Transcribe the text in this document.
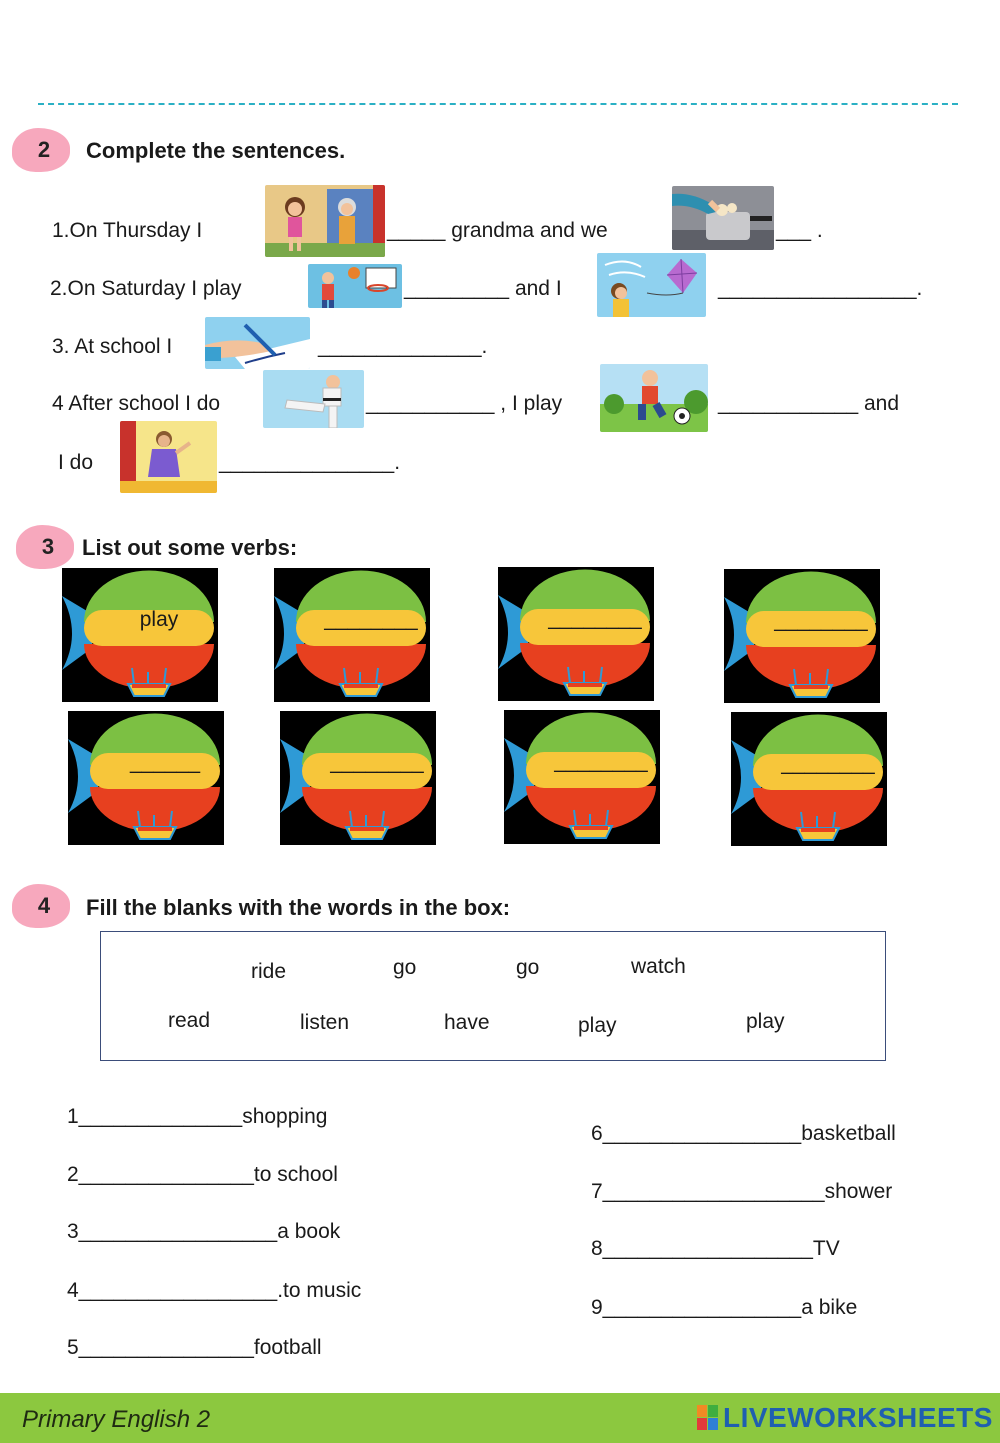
2 Complete the sentences.
1.On Thursday I	_____ grandma and we	___ .
2.On Saturday I play	_________ and I	_________________.
3. At school I	______________.
4 After school I do	___________ , I play	____________ and
I do	_______________.
3 List out some verbs:
play	________	________	________
______	________	________	________
4 Fill the blanks with the words in the box:
ride	go	go	watch
read	listen	have	play	play
1______________shopping
2_______________to school
3_________________a book
4_________________.to music
5_______________football
6_________________basketball
7___________________shower
8__________________TV
9_________________a bike
Primary English 2	LIVEWORKSHEETS
